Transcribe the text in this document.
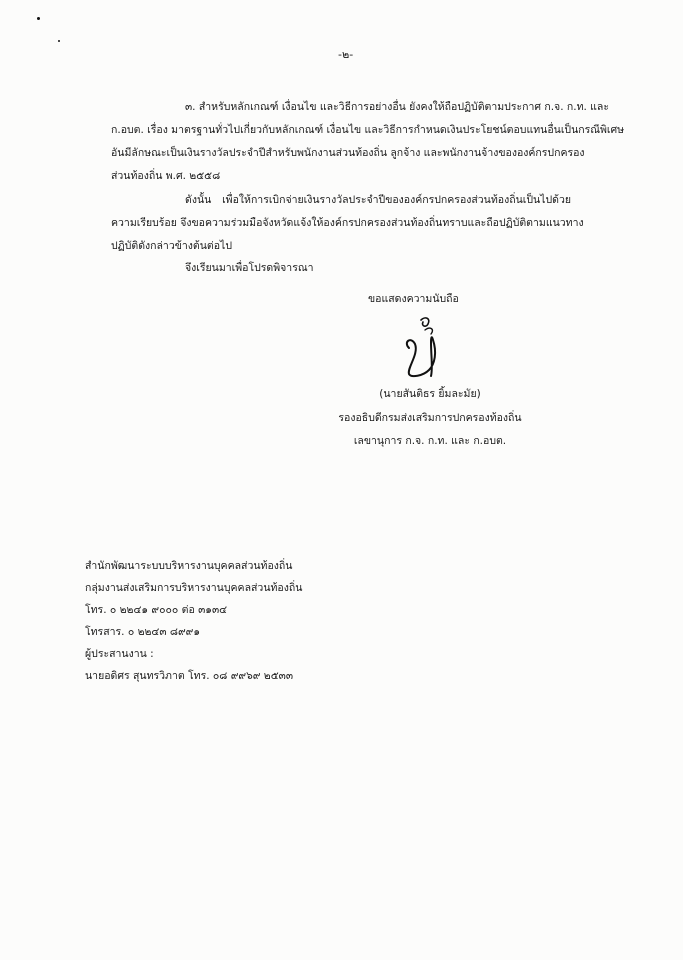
-๒-
๓. สำหรับหลักเกณฑ์ เงื่อนไข และวิธีการอย่างอื่น ยังคงให้ถือปฏิบัติตามประกาศ ก.จ. ก.ท. และ
ก.อบต. เรื่อง มาตรฐานทั่วไปเกี่ยวกับหลักเกณฑ์ เงื่อนไข และวิธีการกำหนดเงินประโยชน์ตอบแทนอื่นเป็นกรณีพิเศษ
อันมีลักษณะเป็นเงินรางวัลประจำปีสำหรับพนักงานส่วนท้องถิ่น ลูกจ้าง และพนักงานจ้างขององค์กรปกครอง
ส่วนท้องถิ่น พ.ศ. ๒๕๕๘
ดังนั้น เพื่อให้การเบิกจ่ายเงินรางวัลประจำปีขององค์กรปกครองส่วนท้องถิ่นเป็นไปด้วย
ความเรียบร้อย จึงขอความร่วมมือจังหวัดแจ้งให้องค์กรปกครองส่วนท้องถิ่นทราบและถือปฏิบัติตามแนวทาง
ปฏิบัติดังกล่าวข้างต้นต่อไป
จึงเรียนมาเพื่อโปรดพิจารณา
ขอแสดงความนับถือ
(นายสันติธร ยิ้มละมัย)
รองอธิบดีกรมส่งเสริมการปกครองท้องถิ่น
เลขานุการ ก.จ. ก.ท. และ ก.อบต.
สำนักพัฒนาระบบบริหารงานบุคคลส่วนท้องถิ่น
กลุ่มงานส่งเสริมการบริหารงานบุคคลส่วนท้องถิ่น
โทร. ๐ ๒๒๔๑ ๙๐๐๐ ต่อ ๓๑๓๔
โทรสาร. ๐ ๒๒๔๓ ๘๙๙๑
ผู้ประสานงาน :
นายอดิศร สุนทรวิภาต โทร. ๐๘ ๙๙๖๙ ๒๕๓๓
